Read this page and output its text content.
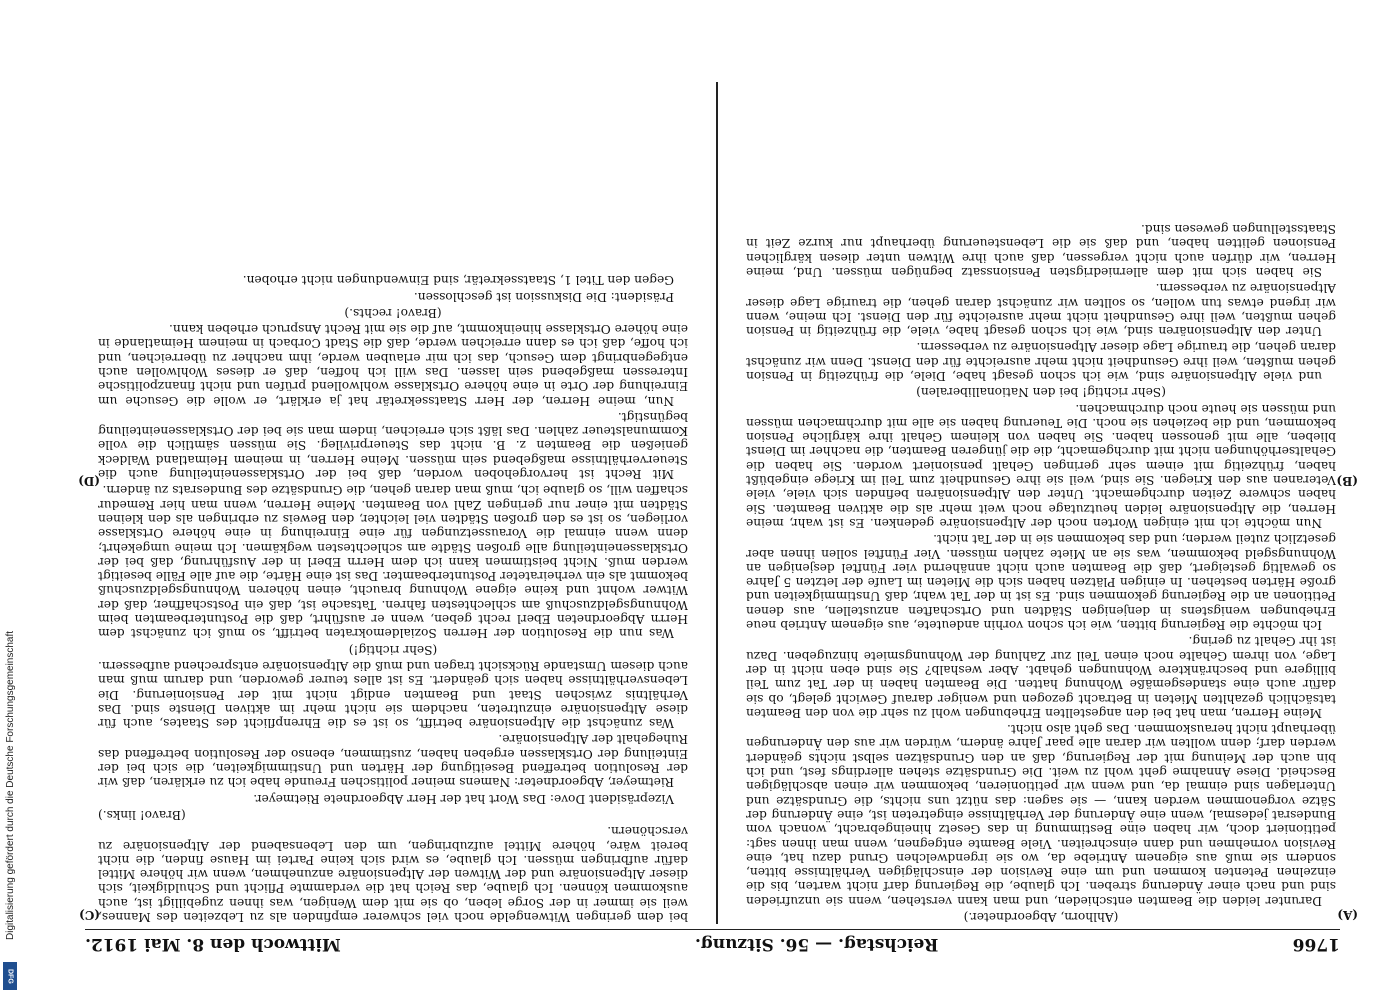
1766
Reichstag. — 56. Sitzung.
Mittwoch den 8. Mai 1912.
(A)
(B)
(C)
(D)

(Ahlhorn, Abgeordneter.)

Darunter leiden die Beamten entschieden, und man kann verstehen, wenn sie unzufrieden sind und nach einer Änderung streben. Ich glaube, die Regierung darf nicht warten, bis die einzelnen Petenten kommen und um eine Revision der einschlägigen Verhältnisse bitten, sondern sie muß aus eigenem Antriebe da, wo sie irgendwelchen Grund dazu hat, eine Revision vornehmen und dann einschreiten. Viele Beamte entgegnen, wenn man ihnen sagt: petitioniert doch, wir haben eine Bestimmung in das Gesetz hineingebracht, wonach vom Bundesrat jedesmal, wenn eine Änderung der Verhältnisse eingetreten ist, eine Änderung der Sätze vorgenommen werden kann, — sie sagen: das nützt uns nichts, die Grundsätze und Unterlagen sind einmal da, und wenn wir petitionieren, bekommen wir einen abschlägigen Bescheid. Diese Annahme geht wohl zu weit. Die Grundsätze stehen allerdings fest, und ich bin auch der Meinung mit der Regierung, daß an den Grundsätzen selbst nichts geändert werden darf; denn wollten wir daran alle paar Jahre ändern, würden wir aus den Änderungen überhaupt nicht herauskommen. Das geht also nicht.

Meine Herren, man hat bei den angestellten Erhebungen wohl zu sehr die von den Beamten tatsächlich gezahlten Mieten in Betracht gezogen und weniger darauf Gewicht gelegt, ob sie dafür auch eine standesgemäße Wohnung hatten. Die Beamten haben in der Tat zum Teil billigere und beschränktere Wohnungen gehabt. Aber weshalb? Sie sind eben nicht in der Lage, von ihrem Gehalte noch einen Teil zur Zahlung der Wohnungsmiete hinzugeben. Dazu ist ihr Gehalt zu gering.

Ich möchte die Regierung bitten, wie ich schon vorhin andeutete, aus eigenem Antrieb neue Erhebungen wenigstens in denjenigen Städten und Ortschaften anzustellen, aus denen Petitionen an die Regierung gekommen sind. Es ist in der Tat wahr, daß Unstimmigkeiten und große Härten bestehen. In einigen Plätzen haben sich die Mieten im Laufe der letzten 5 Jahre so gewaltig gesteigert, daß die Beamten auch nicht annähernd vier Fünftel desjenigen an Wohnungsgeld bekommen, was sie an Miete zahlen müssen. Vier Fünftel sollen ihnen aber gesetzlich zuteil werden; und das bekommen sie in der Tat nicht.

Nun möchte ich mit einigen Worten noch der Altpensionäre gedenken. Es ist wahr, meine Herren, die Altpensionäre leiden heutzutage noch weit mehr als die aktiven Beamten. Sie haben schwere Zeiten durchgemacht. Unter den Altpensionären befinden sich viele, viele Veteranen aus den Kriegen. Sie sind, weil sie ihre Gesundheit zum Teil im Kriege eingebüßt haben, frühzeitig mit einem sehr geringen Gehalt pensioniert worden. Sie haben die Gehaltserhöhungen nicht mit durchgemacht, die die jüngeren Beamten, die nachher im Dienst blieben, alle mit genossen haben. Sie haben von kleinem Gehalt ihre kärgliche Pension bekommen, und die beziehen sie noch. Die Teuerung haben sie alle mit durchmachen müssen und müssen sie heute noch durchmachen.

(Sehr richtig! bei den Nationalliberalen)

und viele Altpensionäre sind, wie ich schon gesagt habe, Diele, die frühzeitig in Pension gehen mußten, weil ihre Gesundheit nicht mehr ausreichte für den Dienst. Denn wir zunächst daran gehen, die traurige Lage dieser Altpensionäre zu verbessern.

Unter den Altpensionären sind, wie ich schon gesagt habe, viele, die frühzeitig in Pension gehen mußten, weil ihre Gesundheit nicht mehr ausreichte für den Dienst. Ich meine, wenn wir irgend etwas tun wollen, so sollten wir zunächst daran gehen, die traurige Lage dieser Altpensionäre zu verbessern.

Sie haben sich mit dem allerniedrigsten Pensionssatz begnügen müssen. Und, meine Herren, wir dürfen auch nicht vergessen, daß auch ihre Witwen unter diesen kärglichen Pensionen gelitten haben, und daß sie die Lebensteuerung überhaupt nur kurze Zeit in Staatsstellungen gewesen sind.

bei dem geringen Witwengelde noch viel schwerer empfinden als zu Lebzeiten des Mannes, weil sie immer in der Sorge leben, ob sie mit dem Wenigen, was ihnen zugebilligt ist, auch auskommen können. Ich glaube, das Reich hat die verdammte Pflicht und Schuldigkeit, sich dieser Altpensionäre und der Witwen der Altpensionäre anzunehmen, wenn wir höhere Mittel dafür aufbringen müssen. Ich glaube, es wird sich keine Partei im Hause finden, die nicht bereit wäre, höhere Mittel aufzubringen, um den Lebensabend der Altpensionäre zu verschönern.

(Bravo! links.)

Vizepräsident Dove: Das Wort hat der Herr Abgeordnete Rietmeyer.

Rietmeyer, Abgeordneter: Namens meiner politischen Freunde habe ich zu erklären, daß wir der Resolution betreffend Beseitigung der Härten und Unstimmigkeiten, die sich bei der Einteilung der Ortsklassen ergeben haben, zustimmen, ebenso der Resolution betreffend das Ruhegehalt der Altpensionäre.

Was zunächst die Altpensionäre betrifft, so ist es die Ehrenpflicht des Staates, auch für diese Altpensionäre einzutreten, nachdem sie nicht mehr im aktiven Dienste sind. Das Verhältnis zwischen Staat und Beamten endigt nicht mit der Pensionierung. Die Lebensverhältnisse haben sich geändert. Es ist alles teurer geworden, und darum muß man auch diesem Umstande Rücksicht tragen und muß die Altpensionäre entsprechend aufbessern.

(Sehr richtig!)

Was nun die Resolution der Herren Sozialdemokraten betrifft, so muß ich zunächst dem Herrn Abgeordneten Eberl recht geben, wenn er ausführt, daß die Postunterbeamten beim Wohnungsgeldzuschuß am schlechtesten fahren. Tatsache ist, daß ein Postschaffner, daß der Witwer wohnt und keine eigene Wohnung braucht, einen höheren Wohnungsgeldzuschuß bekommt als ein verheirateter Postunterbeamter. Das ist eine Härte, die auf alle Fälle beseitigt werden muß. Nicht beistimmen kann ich dem Herrn Eberl in der Ausführung, daß bei der Ortsklasseneinteilung alle großen Städte am schlechtesten wegkämen. Ich meine umgekehrt; denn wenn einmal die Voraussetzungen für eine Einreihung in eine höhere Ortsklasse vorliegen, so ist es den großen Städten viel leichter, den Beweis zu erbringen als den kleinen Städten mit einer nur geringen Zahl von Beamten. Meine Herren, wenn man hier Remedur schaffen will, so glaube ich, muß man daran gehen, die Grundsätze des Bundesrats zu ändern.

Mit Recht ist hervorgehoben worden, daß bei der Ortsklasseneinteilung auch die Steuerverhältnisse maßgebend sein müssen. Meine Herren, in meinem Heimatland Waldeck genießen die Beamten z. B. nicht das Steuerprivileg. Sie müssen sämtlich die volle Kommunalsteuer zahlen. Das läßt sich erreichen, indem man sie bei der Ortsklasseneinteilung begünstigt.

Nun, meine Herren, der Herr Staatssekretär hat ja erklärt, er wolle die Gesuche um Einreihung der Orte in eine höhere Ortsklasse wohlwollend prüfen und nicht finanzpolitische Interessen maßgebend sein lassen. Das will ich hoffen, daß er dieses Wohlwollen auch entgegenbringt dem Gesuch, das ich mir erlauben werde, ihm nachher zu überreichen, und ich hoffe, daß ich es dann erreichen werde, daß die Stadt Corbach in meinem Heimatlande in eine höhere Ortsklasse hineinkommt, auf die sie mit Recht Anspruch erheben kann.

(Bravo! rechts.)

Präsident: Die Diskussion ist geschlossen.

Gegen den Titel 1, Staatssekretär, sind Einwendungen nicht erhoben.

Digitalisierung gefördert durch die Deutsche Forschungsgemeinschaft
DFG
